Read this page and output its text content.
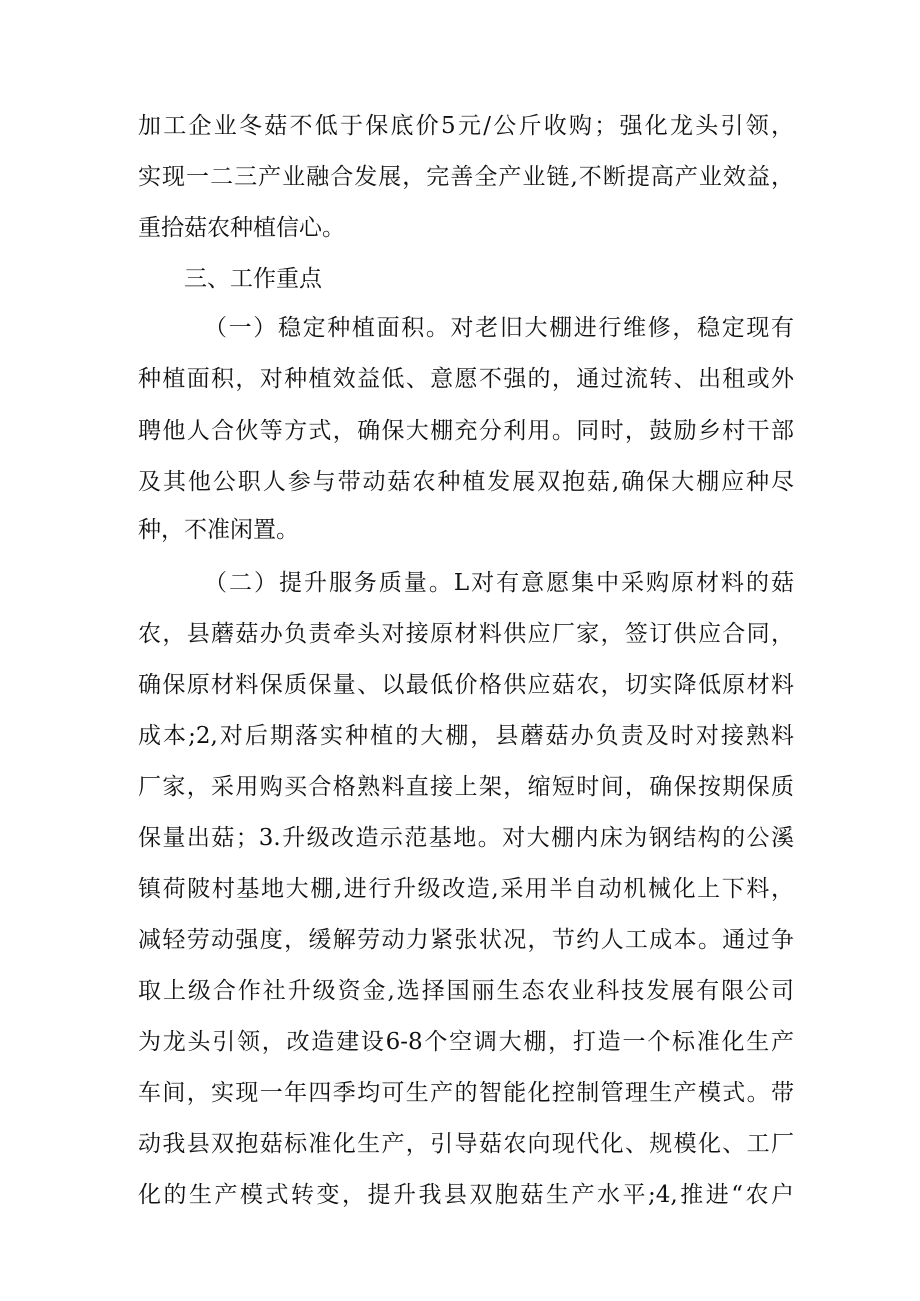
加工企业冬菇不低于保底价5元/公斤收购；强化龙头引领，
实现一二三产业融合发展，完善全产业链,不断提高产业效益，
重拾菇农种植信心。
三、工作重点
（一）稳定种植面积。对老旧大棚进行维修，稳定现有
种植面积，对种植效益低、意愿不强的，通过流转、出租或外
聘他人合伙等方式，确保大棚充分利用。同时，鼓励乡村干部
及其他公职人参与带动菇农种植发展双抱菇,确保大棚应种尽
种，不准闲置。
（二）提升服务质量。L对有意愿集中采购原材料的菇
农，县蘑菇办负责牵头对接原材料供应厂家，签订供应合同，
确保原材料保质保量、以最低价格供应菇农，切实降低原材料
成本;2,对后期落实种植的大棚，县蘑菇办负责及时对接熟料
厂家，采用购买合格熟料直接上架，缩短时间，确保按期保质
保量出菇；3.升级改造示范基地。对大棚内床为钢结构的公溪
镇荷陂村基地大棚,进行升级改造,采用半自动机械化上下料，
减轻劳动强度，缓解劳动力紧张状况，节约人工成本。通过争
取上级合作社升级资金,选择国丽生态农业科技发展有限公司
为龙头引领，改造建设6-8个空调大棚，打造一个标准化生产
车间，实现一年四季均可生产的智能化控制管理生产模式。带
动我县双抱菇标准化生产，引导菇农向现代化、规模化、工厂
化的生产模式转变，提升我县双胞菇生产水平;4,推进“农户
